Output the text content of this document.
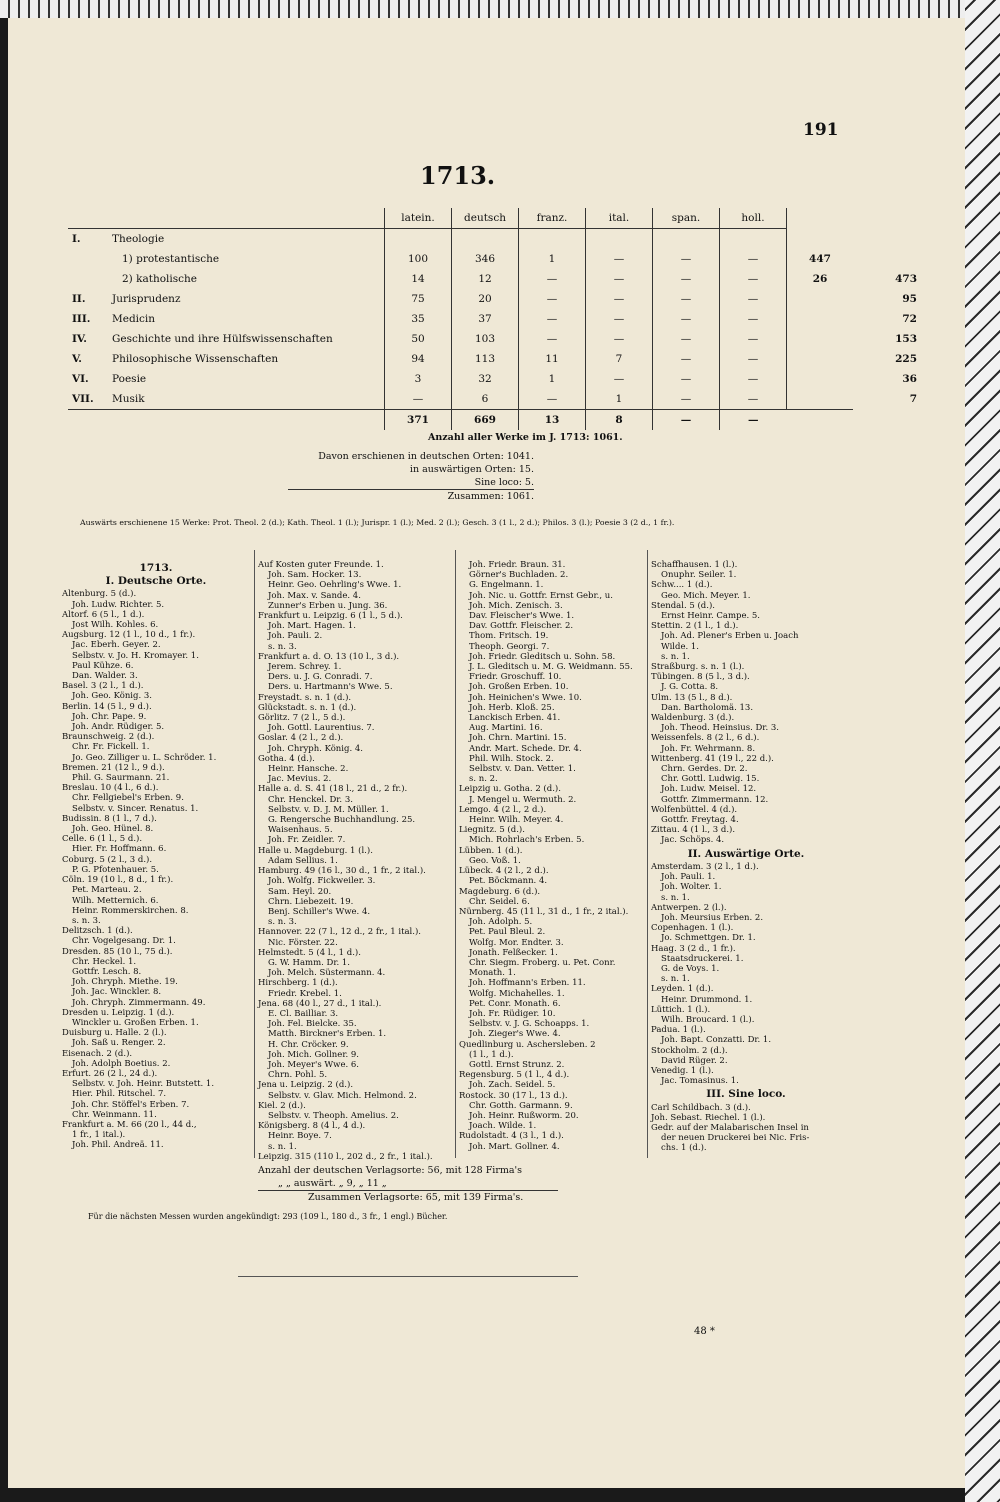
191
1713.
		latein.	deutsch	franz.	ital.	span.	holl.		
I.	Theologie								
	1) protestantische	100	346	1	—	—	—	447	
	2) katholische	14	12	—	—	—	—	26	473
II.	Jurisprudenz	75	20	—	—	—	—		95
III.	Medicin	35	37	—	—	—	—		72
IV.	Geschichte und ihre Hülfswissenschaften	50	103	—	—	—	—		153
V.	Philosophische Wissenschaften	94	113	11	7	—	—		225
VI.	Poesie	3	32	1	—	—	—		36
VII.	Musik	—	6	—	1	—	—		7
		371	669	13	8	—	—		
Anzahl aller Werke im J. 1713: 1061.
Davon erschienen in deutschen Orten: 1041.
in auswärtigen Orten: 15.
Sine loco: 5.
Zusammen: 1061.
Auswärts erschienene 15 Werke: Prot. Theol. 2 (d.); Kath. Theol. 1 (l.); Jurispr. 1 (l.); Med. 2 (l.); Gesch. 3 (1 l., 2 d.); Philos. 3 (l.); Poesie 3 (2 d., 1 fr.).
1713.
I. Deutsche Orte.
Altenburg. 5 (d.).
Joh. Ludw. Richter. 5.
Altorf. 6 (5 l., 1 d.).
Jost Wilh. Kohles. 6.
Augsburg. 12 (1 l., 10 d., 1 fr.).
Jac. Eberh. Geyer. 2.
Selbstv. v. Jo. H. Kromayer. 1.
Paul Kühze. 6.
Dan. Walder. 3.
Basel. 3 (2 l., 1 d.).
Joh. Geo. König. 3.
Berlin. 14 (5 l., 9 d.).
Joh. Chr. Pape. 9.
Joh. Andr. Rüdiger. 5.
Braunschweig. 2 (d.).
Chr. Fr. Fickell. 1.
Jo. Geo. Zilliger u. L. Schröder. 1.
Bremen. 21 (12 l., 9 d.).
Phil. G. Saurmann. 21.
Breslau. 10 (4 l., 6 d.).
Chr. Fellgiebel's Erben. 9.
Selbstv. v. Sincer. Renatus. 1.
Budissin. 8 (1 l., 7 d.).
Joh. Geo. Hünel. 8.
Celle. 6 (1 l., 5 d.).
Hier. Fr. Hoffmann. 6.
Coburg. 5 (2 l., 3 d.).
P. G. Pfotenhauer. 5.
Cöln. 19 (10 l., 8 d., 1 fr.).
Pet. Marteau. 2.
Wilh. Metternich. 6.
Heinr. Rommerskirchen. 8.
s. n. 3.
Delitzsch. 1 (d.).
Chr. Vogelgesang. Dr. 1.
Dresden. 85 (10 l., 75 d.).
Chr. Heckel. 1.
Gottfr. Lesch. 8.
Joh. Chryph. Miethe. 19.
Joh. Jac. Winckler. 8.
Joh. Chryph. Zimmermann. 49.
Dresden u. Leipzig. 1 (d.).
Winckler u. Großen Erben. 1.
Duisburg u. Halle. 2 (l.).
Joh. Saß u. Renger. 2.
Eisenach. 2 (d.).
Joh. Adolph Boetius. 2.
Erfurt. 26 (2 l., 24 d.).
Selbstv. v. Joh. Heinr. Butstett. 1.
Hier. Phil. Ritschel. 7.
Joh. Chr. Stöffel's Erben. 7.
Chr. Weinmann. 11.
Frankfurt a. M. 66 (20 l., 44 d.,
1 fr., 1 ital.).
Joh. Phil. Andreä. 11.
Auf Kosten guter Freunde. 1.
Joh. Sam. Hocker. 13.
Heinr. Geo. Oehrling's Wwe. 1.
Joh. Max. v. Sande. 4.
Zunner's Erben u. Jung. 36.
Frankfurt u. Leipzig. 6 (1 l., 5 d.).
Joh. Mart. Hagen. 1.
Joh. Pauli. 2.
s. n. 3.
Frankfurt a. d. O. 13 (10 l., 3 d.).
Jerem. Schrey. 1.
Ders. u. J. G. Conradi. 7.
Ders. u. Hartmann's Wwe. 5.
Freystadt. s. n. 1 (d.).
Glückstadt. s. n. 1 (d.).
Görlitz. 7 (2 l., 5 d.).
Joh. Gottl. Laurentius. 7.
Goslar. 4 (2 l., 2 d.).
Joh. Chryph. König. 4.
Gotha. 4 (d.).
Heinr. Hansche. 2.
Jac. Mevius. 2.
Halle a. d. S. 41 (18 l., 21 d., 2 fr.).
Chr. Henckel. Dr. 3.
Selbstv. v. D. J. M. Müller. 1.
G. Rengersche Buchhandlung. 25.
Waisenhaus. 5.
Joh. Fr. Zeidler. 7.
Halle u. Magdeburg. 1 (l.).
Adam Sellius. 1.
Hamburg. 49 (16 l., 30 d., 1 fr., 2 ital.).
Joh. Wolfg. Fickweiler. 3.
Sam. Heyl. 20.
Chrn. Liebezeit. 19.
Benj. Schiller's Wwe. 4.
s. n. 3.
Hannover. 22 (7 l., 12 d., 2 fr., 1 ital.).
Nic. Förster. 22.
Helmstedt. 5 (4 l., 1 d.).
G. W. Hamm. Dr. 1.
Joh. Melch. Süstermann. 4.
Hirschberg. 1 (d.).
Friedr. Krebel. 1.
Jena. 68 (40 l., 27 d., 1 ital.).
E. Cl. Bailliar. 3.
Joh. Fel. Bielcke. 35.
Matth. Birckner's Erben. 1.
H. Chr. Cröcker. 9.
Joh. Mich. Gollner. 9.
Joh. Meyer's Wwe. 6.
Chrn. Pohl. 5.
Jena u. Leipzig. 2 (d.).
Selbstv. v. Glav. Mich. Helmond. 2.
Kiel. 2 (d.).
Selbstv. v. Theoph. Amelius. 2.
Königsberg. 8 (4 l., 4 d.).
Heinr. Boye. 7.
s. n. 1.
Leipzig. 315 (110 l., 202 d., 2 fr., 1 ital.).
Joh. Friedr. Braun. 31.
Görner's Buchladen. 2.
G. Engelmann. 1.
Joh. Nic. u. Gottfr. Ernst Gebr., u.
Joh. Mich. Zenisch. 3.
Dav. Fleischer's Wwe. 1.
Dav. Gottfr. Fleischer. 2.
Thom. Fritsch. 19.
Theoph. Georgi. 7.
Joh. Friedr. Gleditsch u. Sohn. 58.
J. L. Gleditsch u. M. G. Weidmann. 55.
Friedr. Groschuff. 10.
Joh. Großen Erben. 10.
Joh. Heinichen's Wwe. 10.
Joh. Herb. Kloß. 25.
Lanckisch Erben. 41.
Aug. Martini. 16.
Joh. Chrn. Martini. 15.
Andr. Mart. Schede. Dr. 4.
Phil. Wilh. Stock. 2.
Selbstv. v. Dan. Vetter. 1.
s. n. 2.
Leipzig u. Gotha. 2 (d.).
J. Mengel u. Wermuth. 2.
Lemgo. 4 (2 l., 2 d.).
Heinr. Wilh. Meyer. 4.
Liegnitz. 5 (d.).
Mich. Rohrlach's Erben. 5.
Lübben. 1 (d.).
Geo. Voß. 1.
Lübeck. 4 (2 l., 2 d.).
Pet. Böckmann. 4.
Magdeburg. 6 (d.).
Chr. Seidel. 6.
Nürnberg. 45 (11 l., 31 d., 1 fr., 2 ital.).
Joh. Adolph. 5.
Pet. Paul Bleul. 2.
Wolfg. Mor. Endter. 3.
Jonath. Felßecker. 1.
Chr. Siegm. Froberg. u. Pet. Conr.
Monath. 1.
Joh. Hoffmann's Erben. 11.
Wolfg. Michahelles. 1.
Pet. Conr. Monath. 6.
Joh. Fr. Rüdiger. 10.
Selbstv. v. J. G. Schoapps. 1.
Joh. Zieger's Wwe. 4.
Quedlinburg u. Aschersleben. 2
(1 l., 1 d.).
Gottl. Ernst Strunz. 2.
Regensburg. 5 (1 l., 4 d.).
Joh. Zach. Seidel. 5.
Rostock. 30 (17 l., 13 d.).
Chr. Gotth. Garmann. 9.
Joh. Heinr. Rußworm. 20.
Joach. Wilde. 1.
Rudolstadt. 4 (3 l., 1 d.).
Joh. Mart. Gollner. 4.
Schaffhausen. 1 (l.).
Onuphr. Seiler. 1.
Schw.... 1 (d.).
Geo. Mich. Meyer. 1.
Stendal. 5 (d.).
Ernst Heinr. Campe. 5.
Stettin. 2 (1 l., 1 d.).
Joh. Ad. Plener's Erben u. Joach
Wilde. 1.
s. n. 1.
Straßburg. s. n. 1 (l.).
Tübingen. 8 (5 l., 3 d.).
J. G. Cotta. 8.
Ulm. 13 (5 l., 8 d.).
Dan. Bartholomä. 13.
Waldenburg. 3 (d.).
Joh. Theod. Heinsius. Dr. 3.
Weissenfels. 8 (2 l., 6 d.).
Joh. Fr. Wehrmann. 8.
Wittenberg. 41 (19 l., 22 d.).
Chrn. Gerdes. Dr. 2.
Chr. Gottl. Ludwig. 15.
Joh. Ludw. Meisel. 12.
Gottfr. Zimmermann. 12.
Wolfenbüttel. 4 (d.).
Gottfr. Freytag. 4.
Zittau. 4 (1 l., 3 d.).
Jac. Schöps. 4.
II. Auswärtige Orte.
Amsterdam. 3 (2 l., 1 d.).
Joh. Pauli. 1.
Joh. Wolter. 1.
s. n. 1.
Antwerpen. 2 (l.).
Joh. Meursius Erben. 2.
Copenhagen. 1 (l.).
Jo. Schmettgen. Dr. 1.
Haag. 3 (2 d., 1 fr.).
Staatsdruckerei. 1.
G. de Voys. 1.
s. n. 1.
Leyden. 1 (d.).
Heinr. Drummond. 1.
Lüttich. 1 (l.).
Wilh. Broucard. 1 (l.).
Padua. 1 (l.).
Joh. Bapt. Conzatti. Dr. 1.
Stockholm. 2 (d.).
David Rüger. 2.
Venedig. 1 (l.).
Jac. Tomasinus. 1.
III. Sine loco.
Carl Schildbach. 3 (d.).
Joh. Sebast. Riechel. 1 (l.).
Gedr. auf der Malabarischen Insel in
der neuen Druckerei bei Nic. Fris-
chs. 1 (d.).
Anzahl der deutschen Verlagsorte: 56, mit 128 Firma's
„ „ auswärt. „ 9, „ 11 „
Zusammen Verlagsorte: 65, mit 139 Firma's.
Für die nächsten Messen wurden angekündigt: 293 (109 l., 180 d., 3 fr., 1 engl.) Bücher.
48 *
